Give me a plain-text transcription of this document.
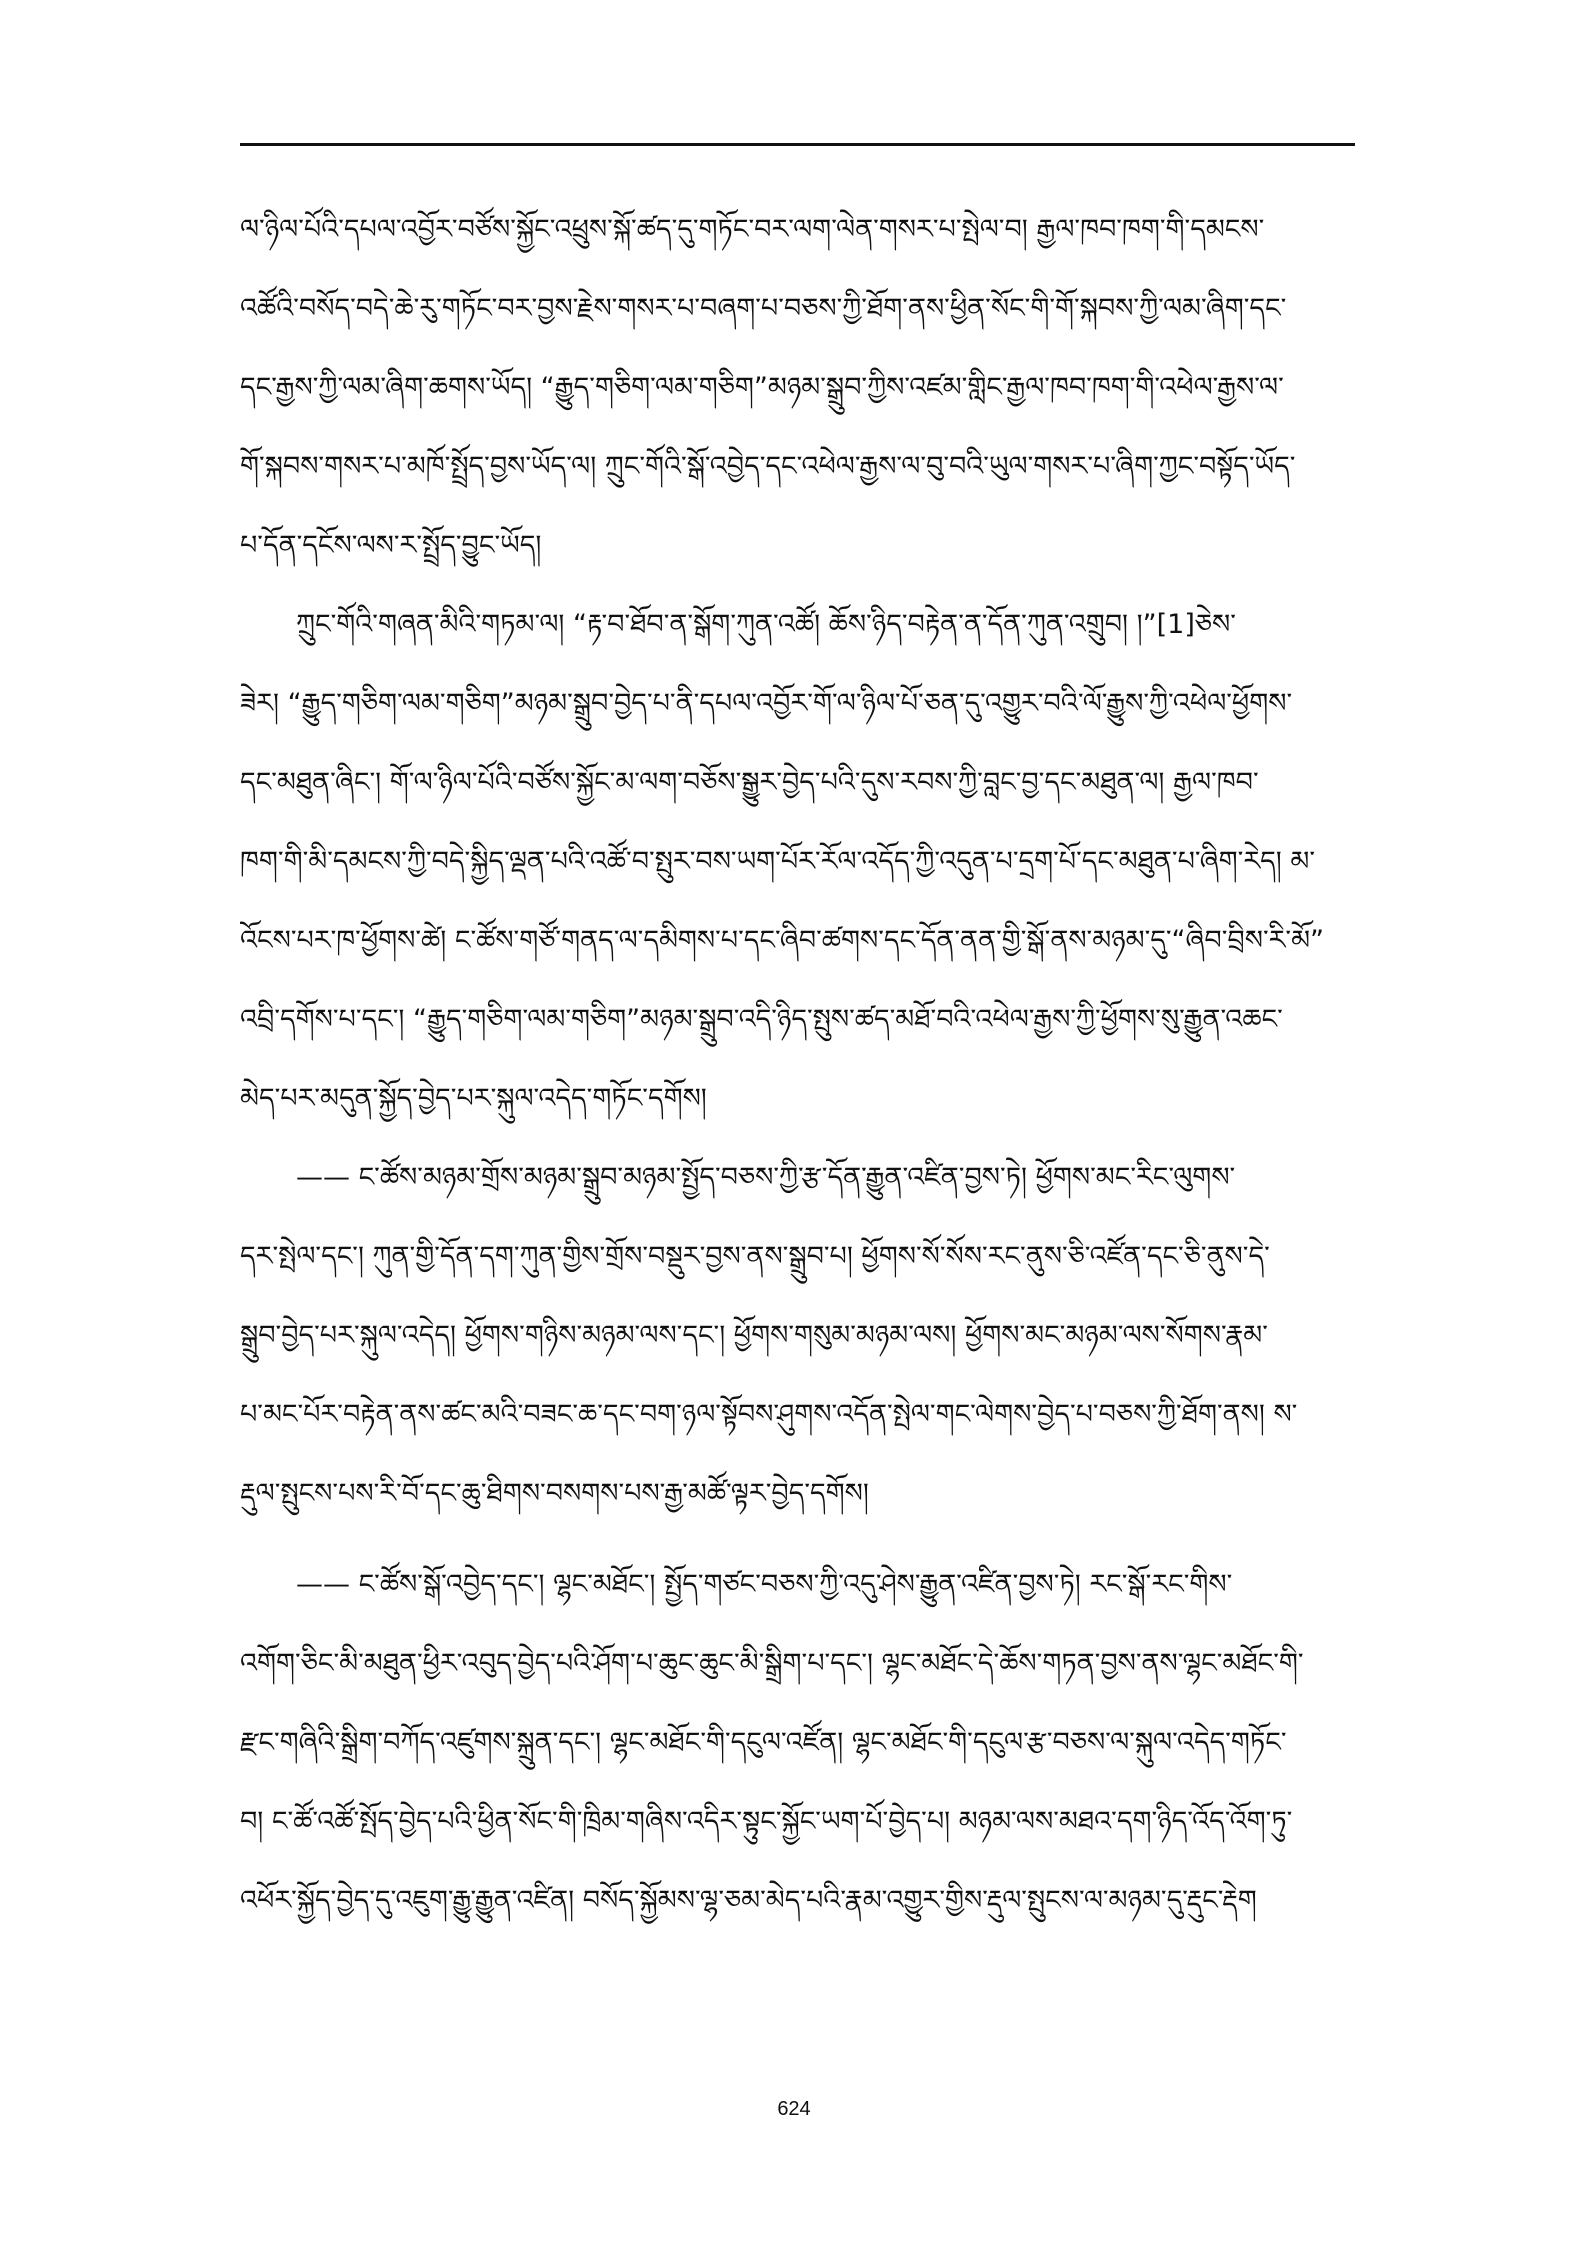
ལ་ཉིལ་པོའི་དཔལ་འབྱོར་བཙོས་སྐྱོང་འཕྲུས་སྐོ་ཚད་དུ་གཏོང་བར་ལག་ལེན་གསར་པ་སྤེལ་བ། རྒྱལ་ཁབ་ཁག་གི་དམངས་
འཚོའི་བསོད་བདེ་ཆེ་རུ་གཏོང་བར་བྱས་རྗེས་གསར་པ་བཞག་པ་བཅས་ཀྱི་ཐོག་ནས་ཕྱིན་སོང་གི་གོ་སྐབས་ཀྱི་ལམ་ཞིག་དང་
དང་རྒྱས་ཀྱི་ལམ་ཞིག་ཆགས་ཡོད། “རྒྱུད་གཅིག་ལམ་གཅིག”མཉམ་སྒྲུབ་ཀྱིས་འཛམ་གླིང་རྒྱལ་ཁབ་ཁག་གི་འཕེལ་རྒྱས་ལ་
གོ་སྐབས་གསར་པ་མཁོ་སྤྲོད་བྱས་ཡོད་ལ། ཀྲུང་གོའི་སྒོ་འབྱེད་དང་འཕེལ་རྒྱས་ལ་བུ་བའི་ཡུལ་གསར་པ་ཞིག་ཀྱང་བསྟོད་ཡོད་
པ་དོན་དངོས་ལས་ར་སྤྲོད་བྱུང་ཡོད།
ཀྲུང་གོའི་གཞན་མིའི་གཏམ་ལ། “རྟ་བ་ཐོབ་ན་སྒོག་ཀུན་འཚོ། ཆོས་ཉིད་བརྟེན་ན་དོན་ཀུན་འགྲུབ། །”[1]ཅེས་
ཟེར། “རྒྱུད་གཅིག་ལམ་གཅིག”མཉམ་སྒྲུབ་བྱེད་པ་ནི་དཔལ་འབྱོར་གོ་ལ་ཉིལ་པོ་ཅན་དུ་འགྱུར་བའི་ལོ་རྒྱུས་ཀྱི་འཕེལ་ཕྱོགས་
དང་མཐུན་ཞིང་། གོ་ལ་ཉིལ་པོའི་བཙོས་སྐྱོང་མ་ལག་བཅོས་སྒྱུར་བྱེད་པའི་དུས་རབས་ཀྱི་བླང་བྱ་དང་མཐུན་ལ། རྒྱལ་ཁབ་
ཁག་གི་མི་དམངས་ཀྱི་བདེ་སྐྱིད་ལྡན་པའི་འཚོ་བ་སྤུར་བས་ཡག་པོར་རོལ་འདོད་ཀྱི་འདུན་པ་དྲག་པོ་དང་མཐུན་པ་ཞིག་རེད། མ་
འོངས་པར་ཁ་ཕྱོགས་ཚེ། ང་ཚོས་གཙོ་གནད་ལ་དམིགས་པ་དང་ཞིབ་ཚགས་དང་དོན་ནན་གྱི་སྒོ་ནས་མཉམ་དུ་“ཞིབ་བྲིས་རི་མོ”
འབྲི་དགོས་པ་དང་། “རྒྱུད་གཅིག་ལམ་གཅིག”མཉམ་སྒྲུབ་འདི་ཉིད་སྤུས་ཚད་མཐོ་བའི་འཕེལ་རྒྱས་ཀྱི་ཕྱོགས་སུ་རྒྱུན་འཆང་
མེད་པར་མདུན་སྐྱོད་བྱེད་པར་སྐུལ་འདེད་གཏོང་དགོས།
—— ང་ཚོས་མཉམ་གྲོས་མཉམ་སྒྲུབ་མཉམ་སྤྱོད་བཅས་ཀྱི་རྩ་དོན་རྒྱུན་འཛིན་བྱས་ཏེ། ཕྱོགས་མང་རིང་ལུགས་
དར་སྤེལ་དང་། ཀུན་གྱི་དོན་དག་ཀུན་གྱིས་གྲོས་བསྡུར་བྱས་ནས་སྒྲུབ་པ། ཕྱོགས་སོ་སོས་རང་ནུས་ཅི་འཛོན་དང་ཅི་ནུས་དེ་
སྒྲུབ་བྱེད་པར་སྐུལ་འདེད། ཕྱོགས་གཉིས་མཉམ་ལས་དང་། ཕྱོགས་གསུམ་མཉམ་ལས། ཕྱོགས་མང་མཉམ་ལས་སོགས་རྣམ་
པ་མང་པོར་བརྟེན་ནས་ཚང་མའི་བཟང་ཆ་དང་བག་ཉལ་སྟོབས་ཤུགས་འདོན་སྤེལ་གང་ལེགས་བྱེད་པ་བཅས་ཀྱི་ཐོག་ནས། ས་
རྡུལ་སྤུངས་པས་རི་བོ་དང་ཆུ་ཐིགས་བསགས་པས་རྒྱ་མཚོ་ལྟར་བྱེད་དགོས།
—— ང་ཚོས་སྒོ་འབྱེད་དང་། ལྷང་མཐོང་། སྤྱོད་གཙང་བཅས་ཀྱི་འདུ་ཤེས་རྒྱུན་འཛིན་བྱས་ཏེ། རང་སྒོ་རང་གིས་
འགོག་ཅིང་མི་མཐུན་ཕྱིར་འབུད་བྱེད་པའི་ཤོག་པ་ཆུང་ཆུང་མི་སྒྲིག་པ་དང་། ལྷང་མཐོང་དེ་ཆོས་གཏན་བྱས་ནས་ལྷང་མཐོང་གི་
རྫང་གཞིའི་སྒྲིག་བཀོད་འཛུགས་སྐྲུན་དང་། ལྷང་མཐོང་གི་དངུལ་འཛོན། ལྷང་མཐོང་གི་དངུལ་རྩ་བཅས་ལ་སྐུལ་འདེད་གཏོང་
བ། ང་ཚོ་འཚོ་སྤོད་བྱེད་པའི་ཕྱིན་སོང་གི་ཁྲིམ་གཞིས་འདིར་སྟུང་སྐྱོང་ཡག་པོ་བྱེད་པ། མཉམ་ལས་མཐའ་དག་ཉིད་འོད་འོག་ཏུ་
འཕོར་སྐྱོད་བྱེད་དུ་འཇུག་རྒྱུ་རྒྱུན་འཛིན། བསོད་སྐྱོམས་ལྷ་ཅམ་མེད་པའི་རྣམ་འགྱུར་གྱིས་རྡུལ་སྤུངས་ལ་མཉམ་དུ་རྡུང་རྡེག
624
